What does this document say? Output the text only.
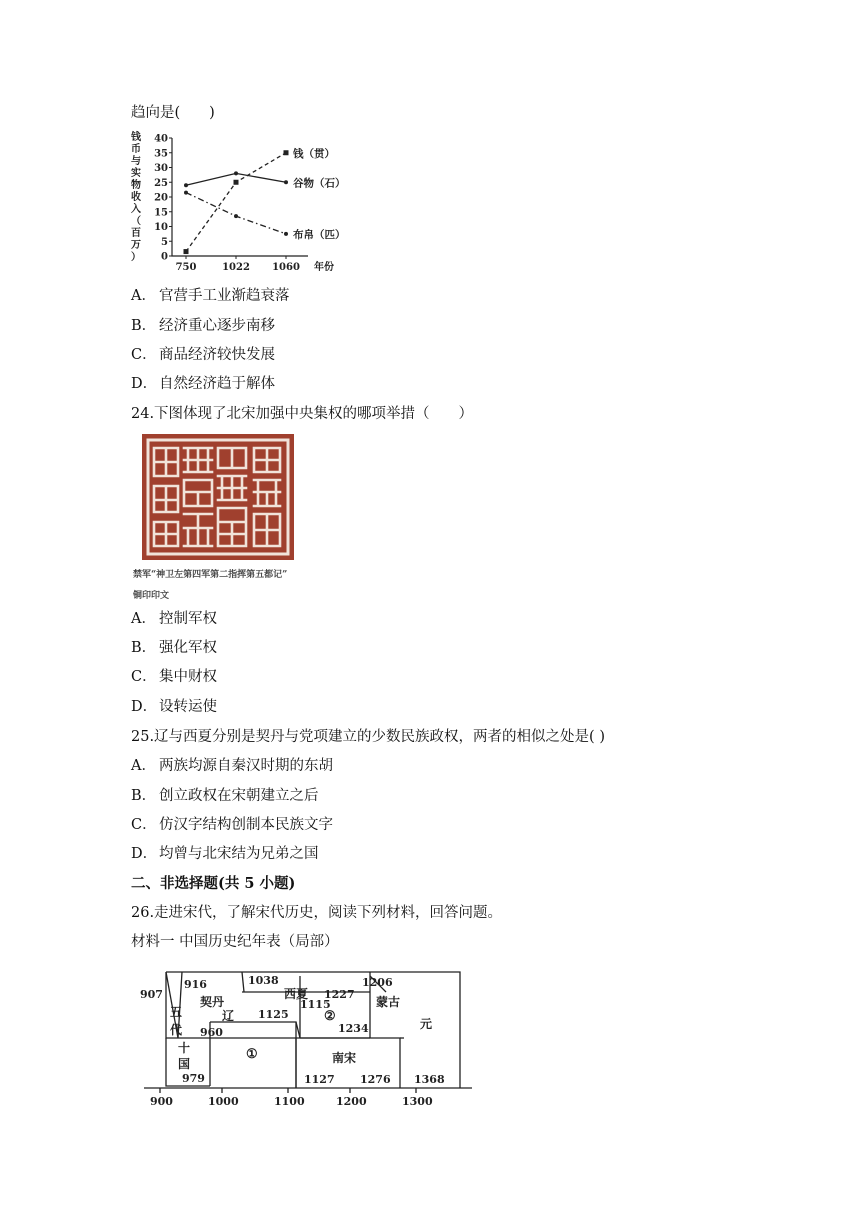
趋向是(　　)
钱币与实物收入（百万） 0
5
10
15
20
25
30
35
40
750	1022 1060 年份
钱（贯）
谷物（石）
布帛（匹）
A． 官营手工业渐趋衰落
B． 经济重心逐步南移
C． 商品经济较快发展
D． 自然经济趋于解体
24.下图体现了北宋加强中央集权的哪项举措（　　）
禁军“神卫左第四军第二指挥第五都记”
铜印印文
A． 控制军权
B． 强化军权
C． 集中财权
D． 设转运使
25.辽与西夏分别是契丹与党项建立的少数民族政权，两者的相似之处是( )
A． 两族均源自秦汉时期的东胡
B． 创立政权在宋朝建立之后
C． 仿汉字结构创制本民族文字
D． 均曾与北宋结为兄弟之国
二、非选择题(共 5 小题)
26.走进宋代，了解宋代历史，阅读下列材料，回答问题。
材料一 中国历史纪年表（局部）
907
916	1038	1206
五
代
契丹
辽 1125
西夏 1227
1115
②
1234
蒙古
元
960
十
国
979
①	南宋
1127 1276 1368
900	1000	1100	1200	1300
